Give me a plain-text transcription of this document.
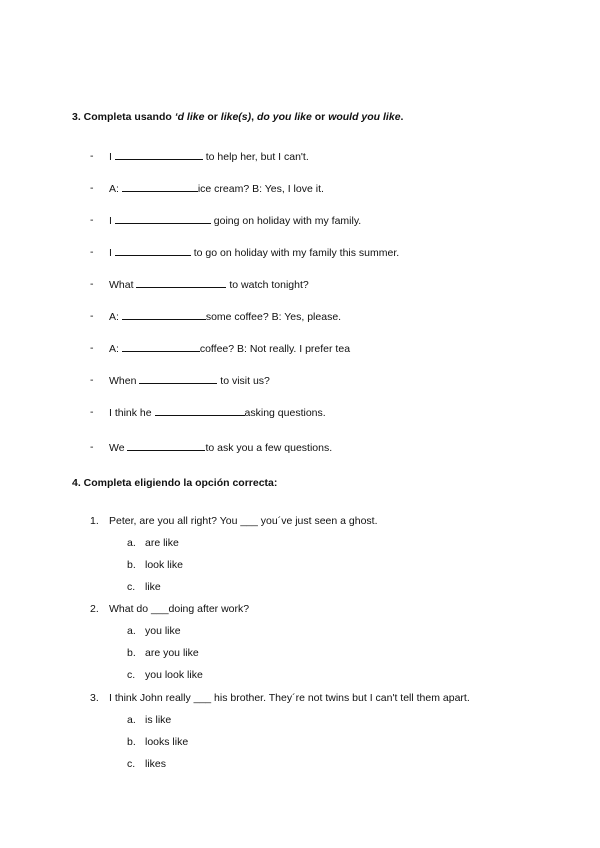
3. Completa usando ‘d like or like(s), do you like or would you like.
- I	to help her, but I can't.
- A:	ice cream? B: Yes, I love it.
- I	going on holiday with my family.
- I	to go on holiday with my family this summer.
- What	to watch tonight?
- A:	some coffee? B: Yes, please.
- A:	coffee? B: Not really. I prefer tea
- When	to visit us?
- I think he	asking questions.
- We	to ask you a few questions.
4. Completa eligiendo la opción correcta:
1. Peter, are you all right? You ___ you´ve just seen a ghost.
a. are like
b. look like
c. like
2. What do ___doing after work?
a. you like
b. are you like
c. you look like
3. I think John really ___ his brother. They´re not twins but I can't tell them apart.
a. is like
b. looks like
c. likes
